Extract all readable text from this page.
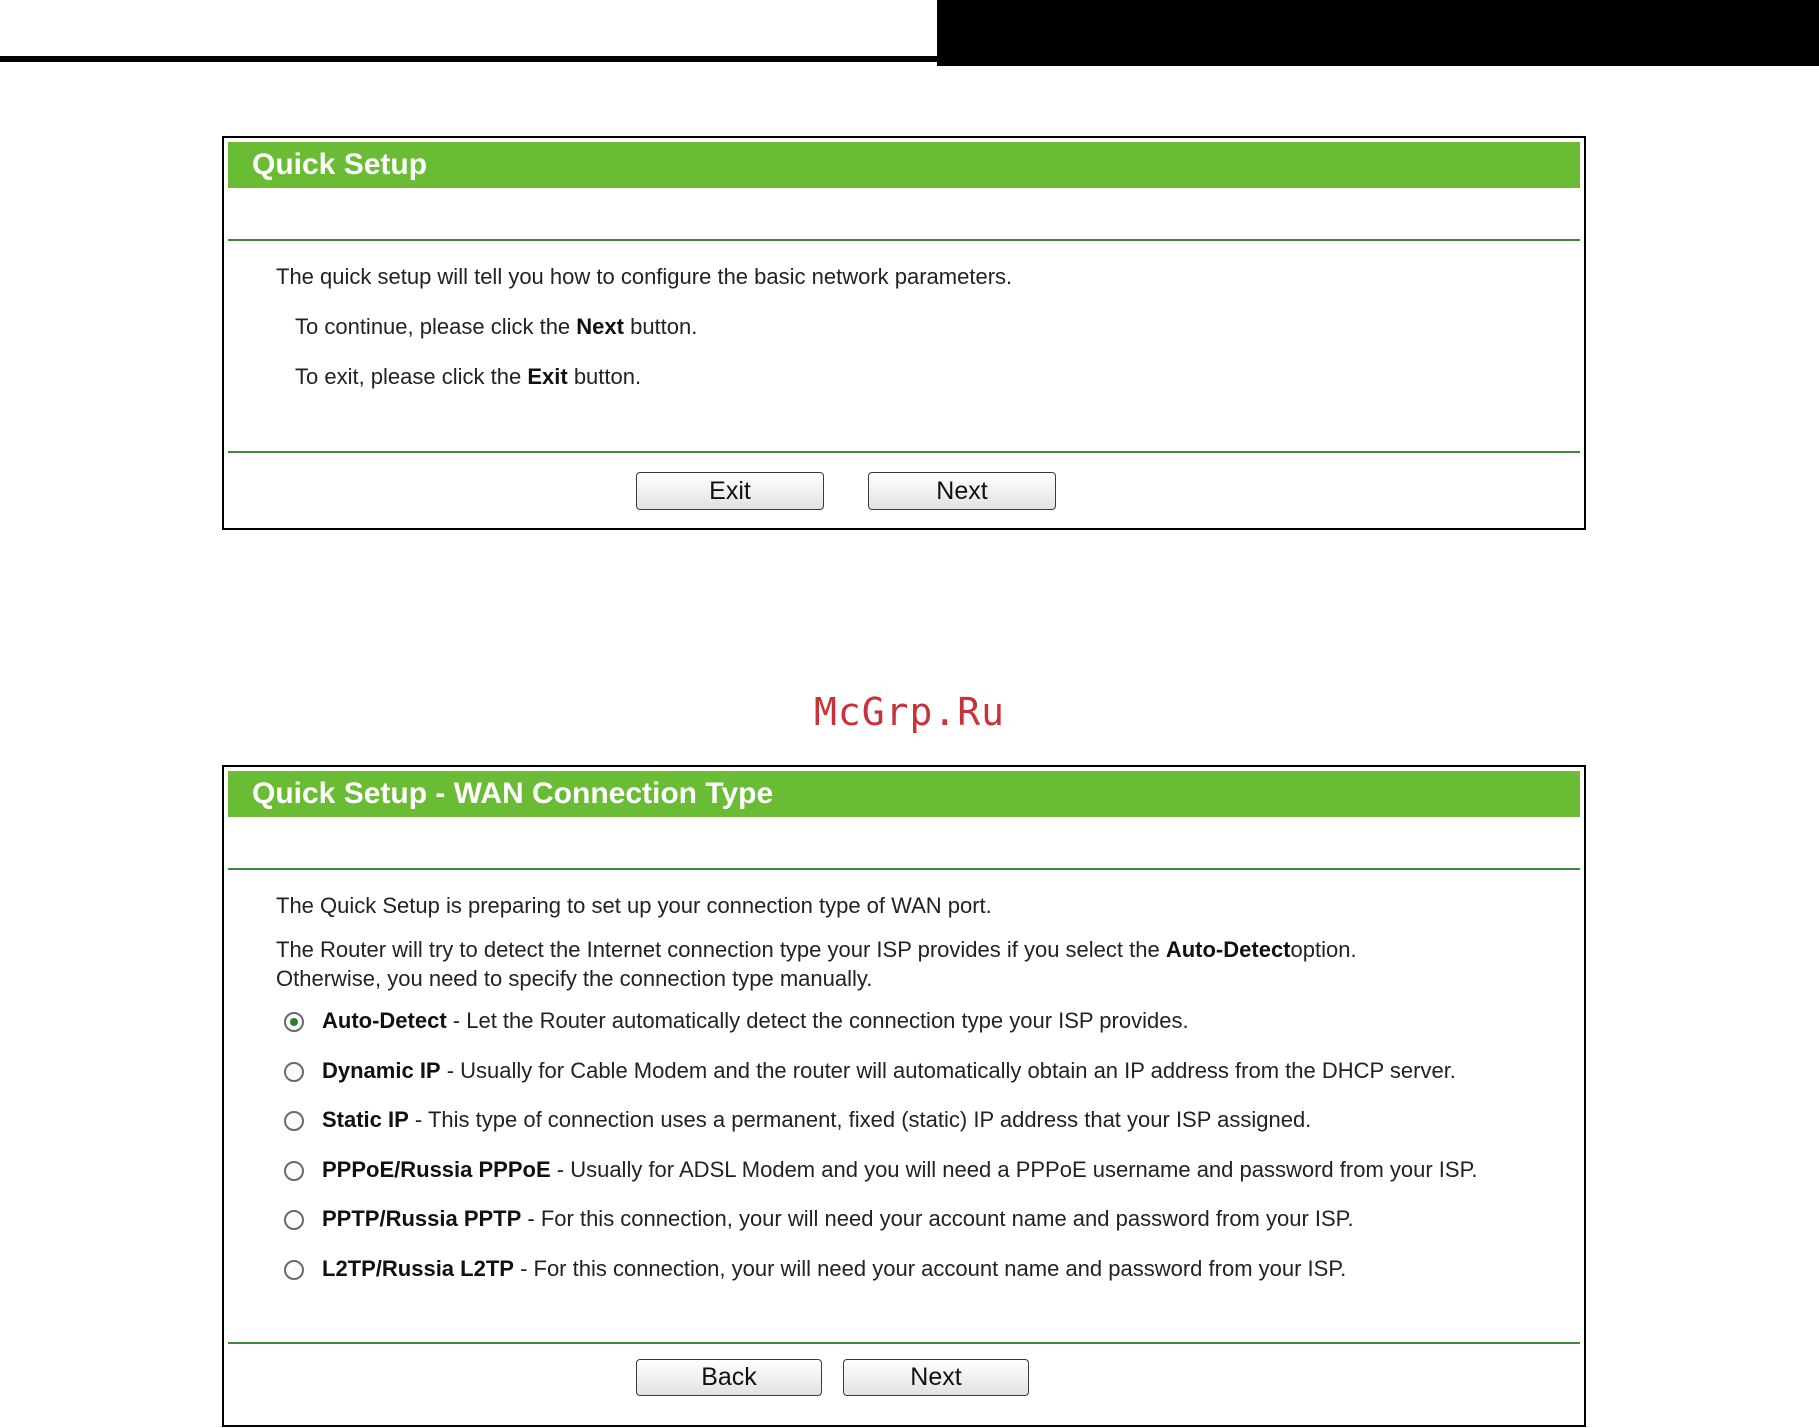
Quick Setup
The quick setup will tell you how to configure the basic network parameters.
To continue, please click the Next button.
To exit, please click the Exit button.
Exit	Next
McGrp.Ru
Quick Setup - WAN Connection Type
The Quick Setup is preparing to set up your connection type of WAN port.
The Router will try to detect the Internet connection type your ISP provides if you select the Auto-Detectoption.
Otherwise, you need to specify the connection type manually.
Auto-Detect - Let the Router automatically detect the connection type your ISP provides.
Dynamic IP - Usually for Cable Modem and the router will automatically obtain an IP address from the DHCP server.
Static IP - This type of connection uses a permanent, fixed (static) IP address that your ISP assigned.
PPPoE/Russia PPPoE - Usually for ADSL Modem and you will need a PPPoE username and password from your ISP.
PPTP/Russia PPTP - For this connection, your will need your account name and password from your ISP.
L2TP/Russia L2TP - For this connection, your will need your account name and password from your ISP.
Back	Next
